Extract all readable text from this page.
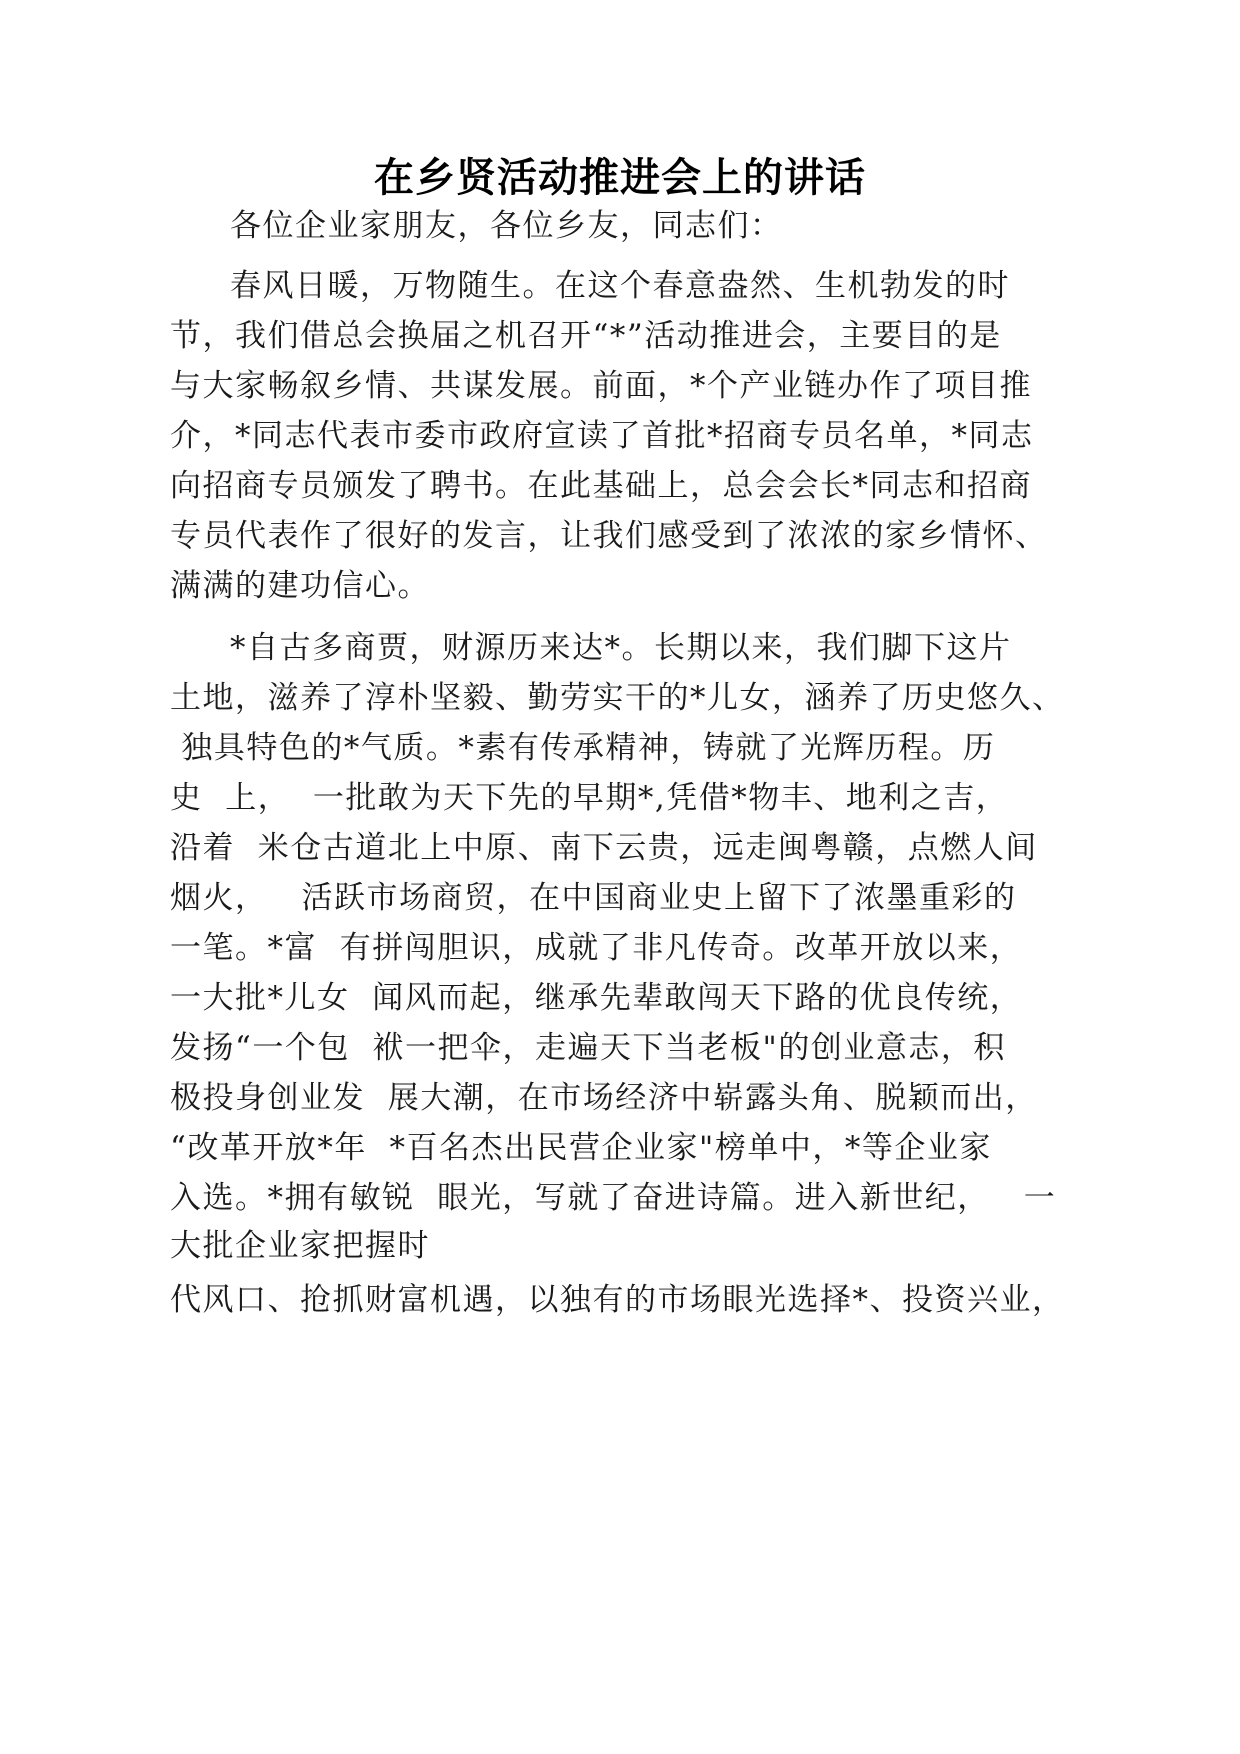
在乡贤活动推进会上的讲话
各位企业家朋友，各位乡友，同志们：
春风日暖，万物随生。在这个春意盎然、生机勃发的时
节，我们借总会换届之机召开“*”活动推进会，主要目的是
与大家畅叙乡情、共谋发展。前面，*个产业链办作了项目推
介，*同志代表市委市政府宣读了首批*招商专员名单，*同志
向招商专员颁发了聘书。在此基础上，总会会长*同志和招商
专员代表作了很好的发言，让我们感受到了浓浓的家乡情怀、
满满的建功信心。
*自古多商贾，财源历来达*。长期以来，我们脚下这片
土地，滋养了淳朴坚毅、勤劳实干的*儿女，涵养了历史悠久、
独具特色的*气质。*素有传承精神，铸就了光辉历程。历
史  上，  一批敢为天下先的早期*,凭借*物丰、地利之吉，
沿着  米仓古道北上中原、南下云贵，远走闽粤赣，点燃人间
烟火，   活跃市场商贸，在中国商业史上留下了浓墨重彩的
一笔。*富  有拼闯胆识，成就了非凡传奇。改革开放以来，
一大批*儿女  闻风而起，继承先辈敢闯天下路的优良传统，
发扬“一个包  袱一把伞，走遍天下当老板"的创业意志，积
极投身创业发  展大潮，在市场经济中崭露头角、脱颖而出，
“改革开放*年  *百名杰出民营企业家"榜单中，*等企业家
入选。*拥有敏锐  眼光，写就了奋进诗篇。进入新世纪，   一
大批企业家把握时
代风口、抢抓财富机遇，以独有的市场眼光选择*、投资兴业，
